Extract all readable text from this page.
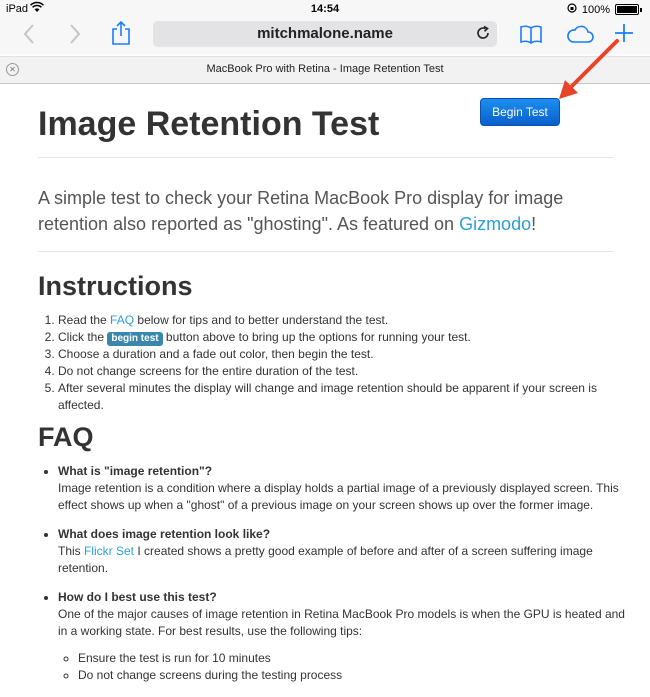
iPad	14:54	100%
mitchmalone.name
✕	MacBook Pro with Retina - Image Retention Test
Begin Test
Image Retention Test

A simple test to check your Retina MacBook Pro display for image retention also reported as "ghosting". As featured on Gizmodo!

Instructions
1. Read the FAQ below for tips and to better understand the test.
2. Click the begin test button above to bring up the options for running your test.
3. Choose a duration and a fade out color, then begin the test.
4. Do not change screens for the entire duration of the test.
5. After several minutes the display will change and image retention should be apparent if your screen is affected.
FAQ
• What is "image retention"?
Image retention is a condition where a display holds a partial image of a previously displayed screen. This effect shows up when a "ghost" of a previous image on your screen shows up over the former image.
• What does image retention look like?
This Flickr Set I created shows a pretty good example of before and after of a screen suffering image retention.
• How do I best use this test?
One of the major causes of image retention in Retina MacBook Pro models is when the GPU is heated and in a working state. For best results, use the following tips:
◦ Ensure the test is run for 10 minutes
◦ Do not change screens during the testing process
